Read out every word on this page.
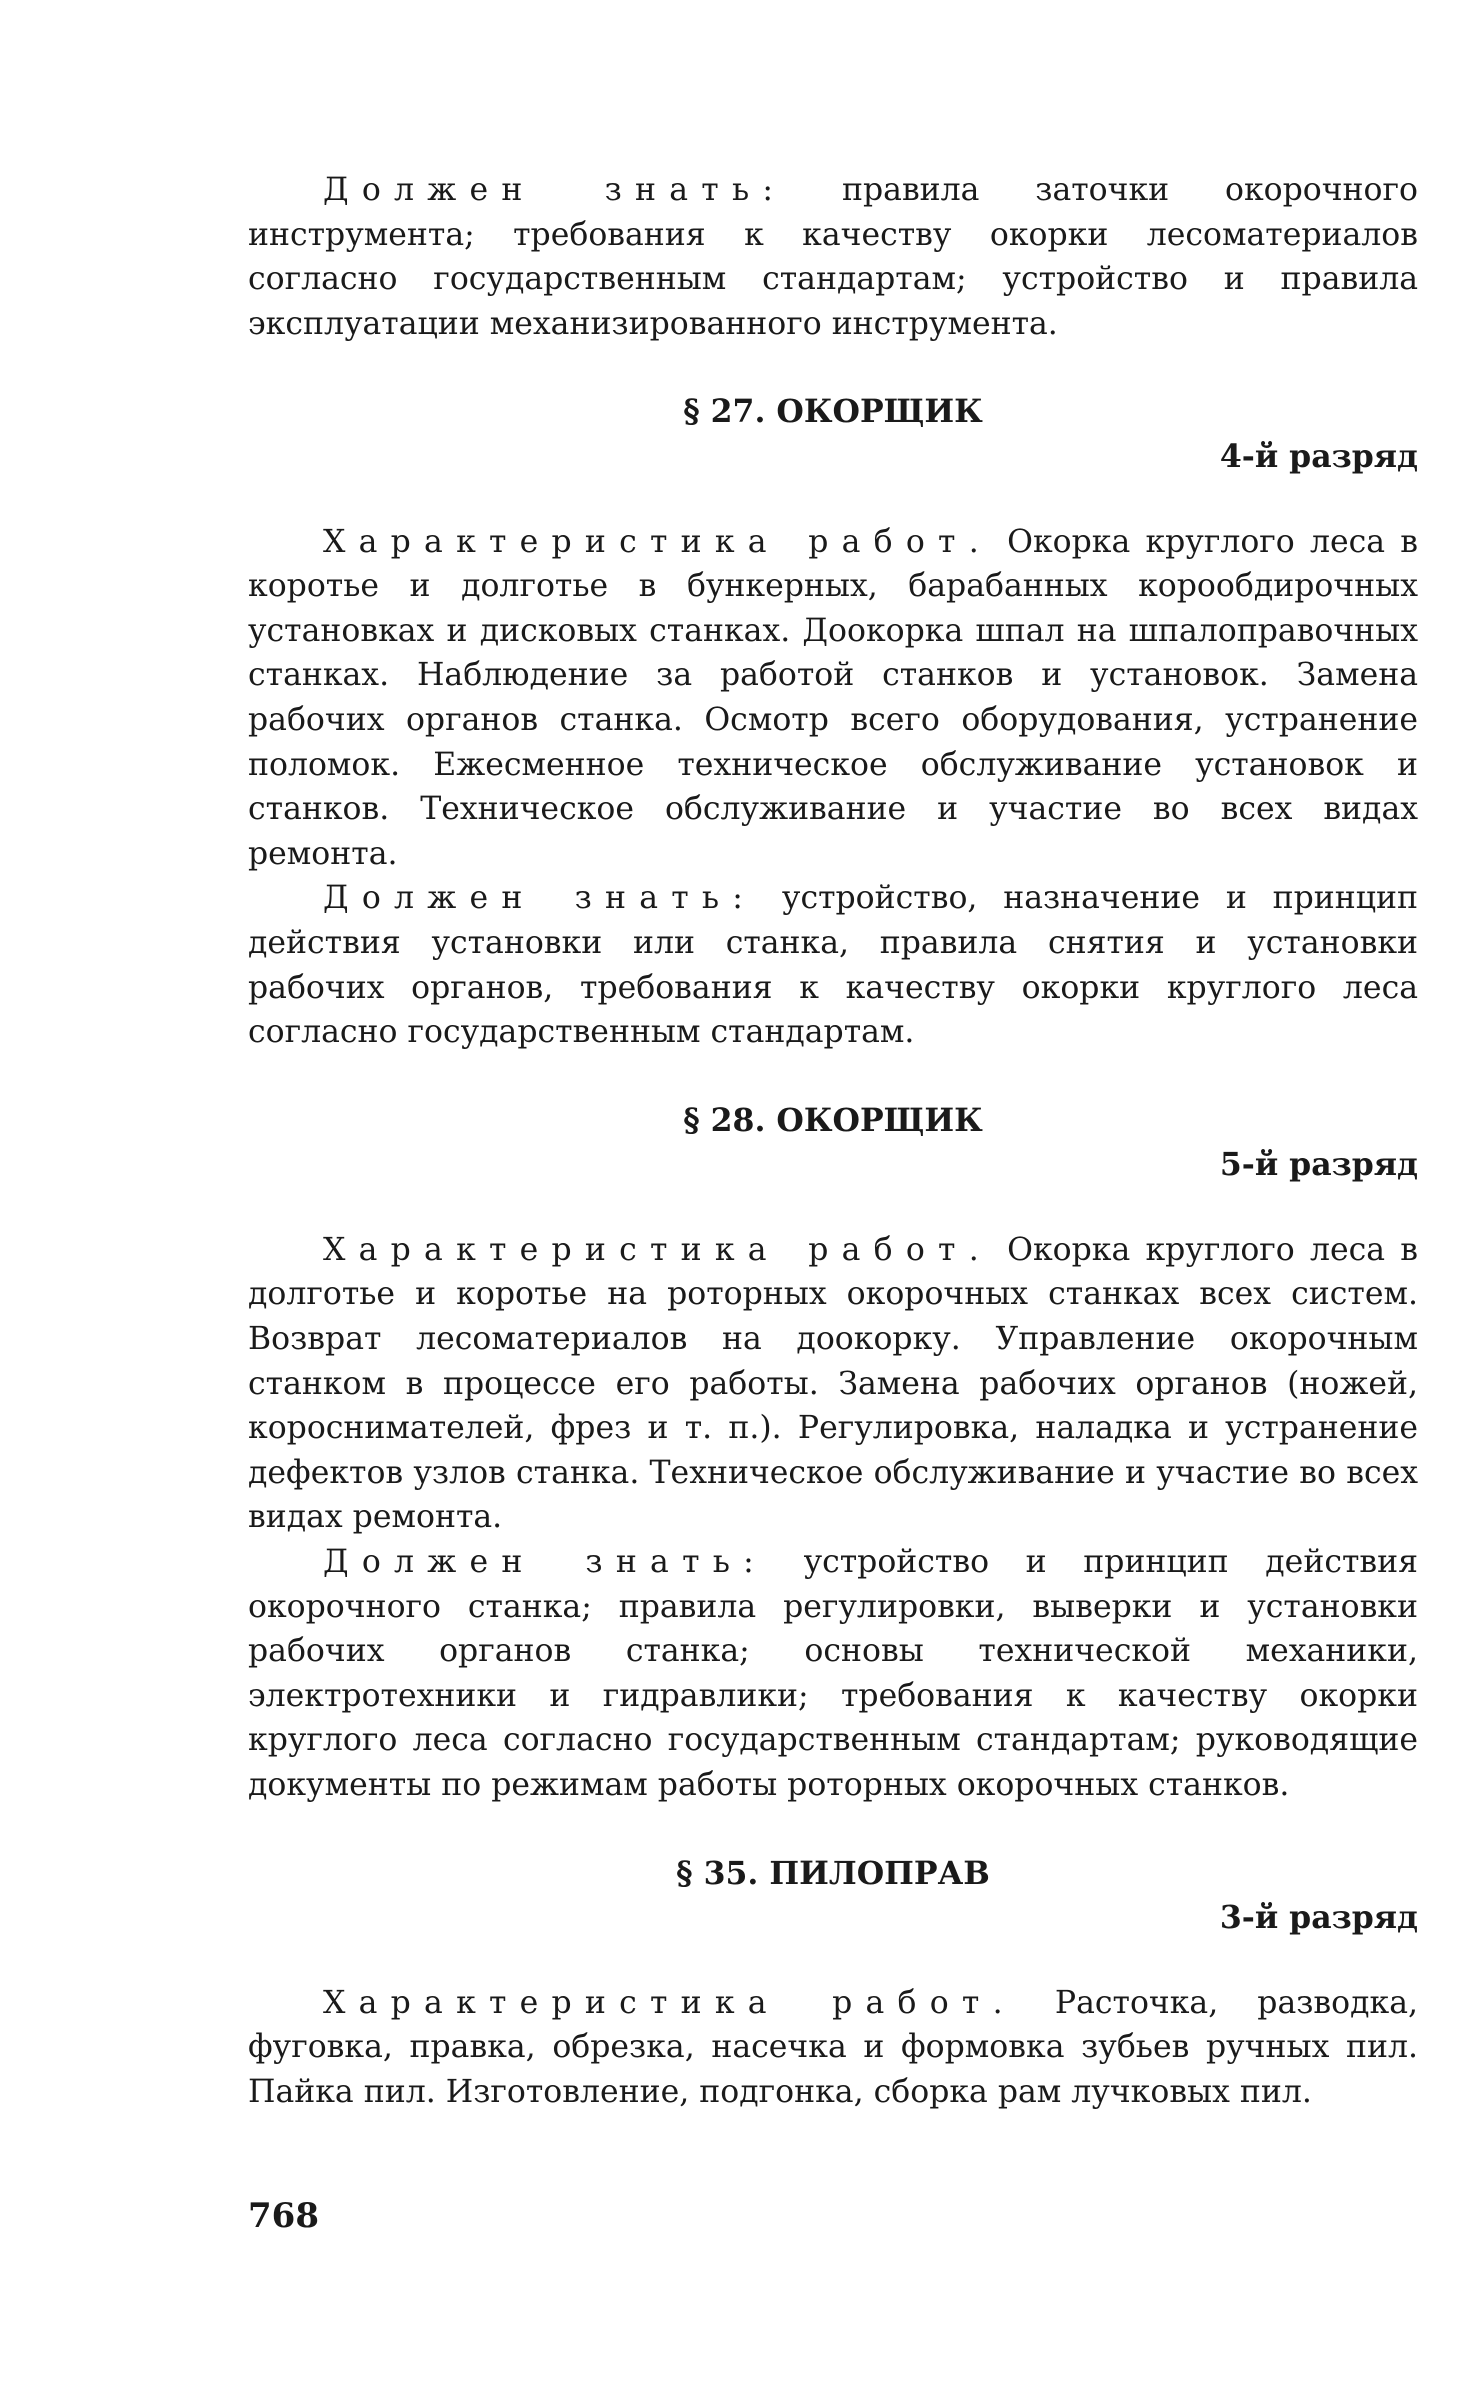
Должен знать: правила заточки окорочного инструмента; требования к качеству окорки лесоматериалов согласно государственным стандартам; устройство и правила эксплуатации механизированного инструмента.

§ 27. ОКОРЩИК

4-й разряд

Характеристика работ. Окорка круглого леса в коротье и долготье в бункерных, барабанных корообдирочных установках и дисковых станках. Доокорка шпал на шпалоправочных станках. Наблюдение за работой станков и установок. Замена рабочих органов станка. Осмотр всего оборудования, устранение поломок. Ежесменное техническое обслуживание установок и станков. Техническое обслуживание и участие во всех видах ремонта.

Должен знать: устройство, назначение и принцип действия установки или станка, правила снятия и установки рабочих органов, требования к качеству окорки круглого леса согласно государственным стандартам.

§ 28. ОКОРЩИК

5-й разряд

Характеристика работ. Окорка круглого леса в долготье и коротье на роторных окорочных станках всех систем. Возврат лесоматериалов на доокорку. Управление окорочным станком в процессе его работы. Замена рабочих органов (ножей, короснимателей, фрез и т. п.). Регулировка, наладка и устранение дефектов узлов станка. Техническое обслуживание и участие во всех видах ремонта.

Должен знать: устройство и принцип действия окорочного станка; правила регулировки, выверки и установки рабочих органов станка; основы технической механики, электротехники и гидравлики; требования к качеству окорки круглого леса согласно государственным стандартам; руководящие документы по режимам работы роторных окорочных станков.

§ 35. ПИЛОПРАВ

3-й разряд

Характеристика работ. Расточка, разводка, фуговка, правка, обрезка, насечка и формовка зубьев ручных пил. Пайка пил. Изготовление, подгонка, сборка рам лучковых пил.

768
